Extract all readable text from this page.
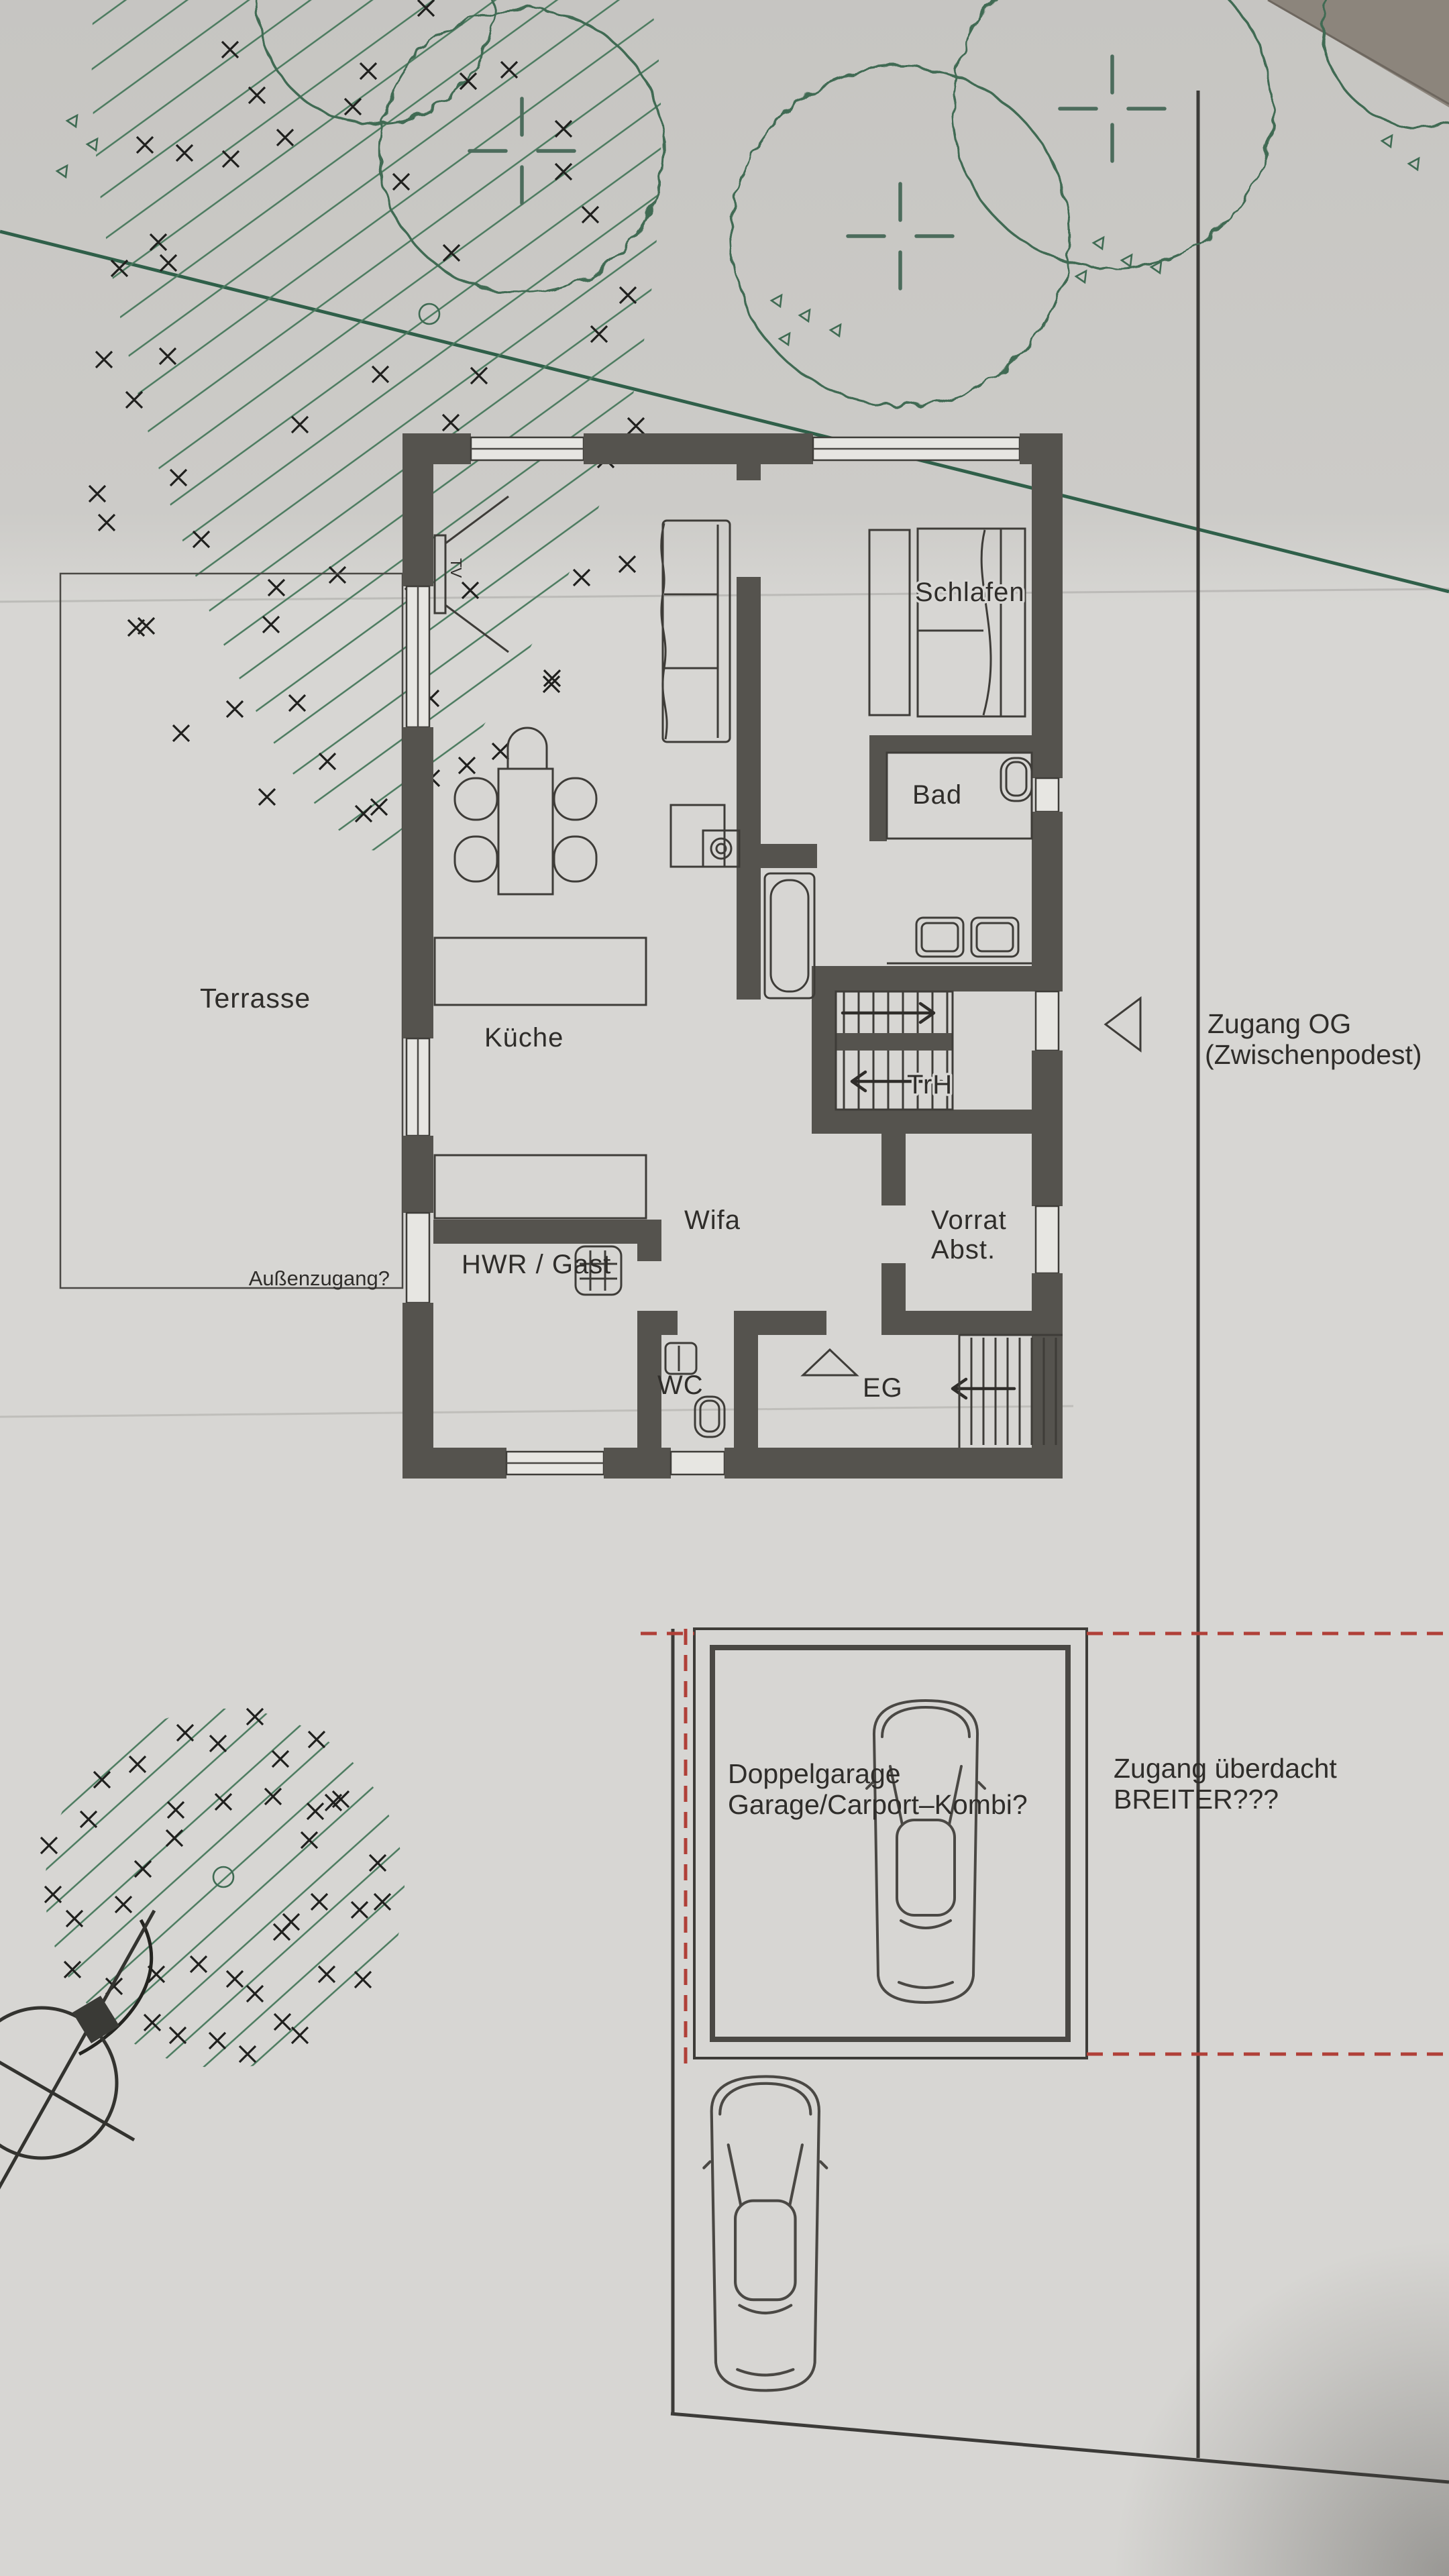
Terrasse
TrH
TV
Schlafen
Bad
Küche
Wifa
HWR / Gast
Vorrat
Abst.
WC	EG
Außenzugang?
Zugang OG
(Zwischenpodest)
Doppelgarage
Garage/Carport–Kombi?
Zugang überdacht
BREITER???
